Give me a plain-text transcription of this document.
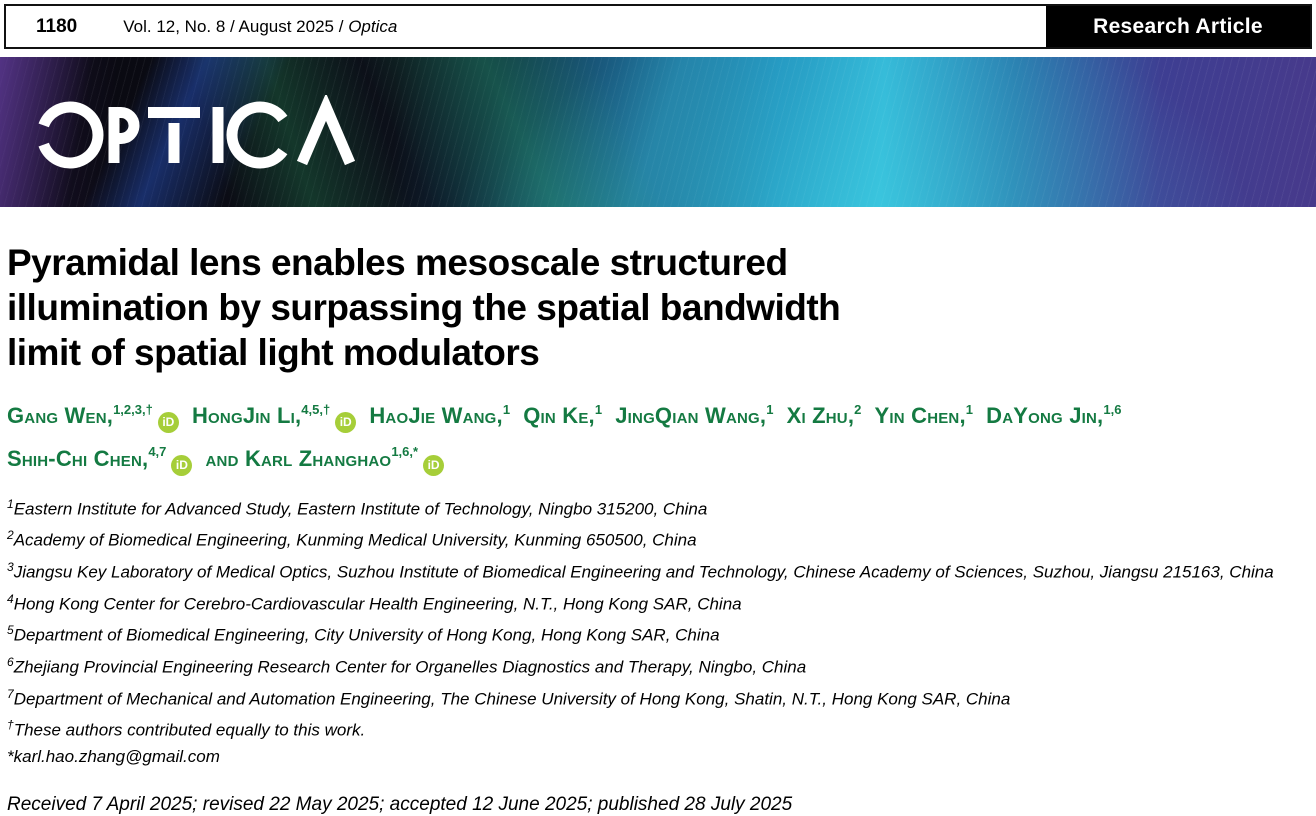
1180	Vol. 12, No. 8 / August 2025 / Optica	Research Article
Pyramidal lens enables mesoscale structured
illumination by surpassing the spatial bandwidth
limit of spatial light modulators
Gang Wen,$^{1,2,3,\dagger}$iD HongJin Li,$^{4,5,\dagger}$iD HaoJie Wang,$^1$ Qin Ke,$^1$ JingQian Wang,$^1$ Xi Zhu,$^2$ Yin Chen,$^1$ DaYong Jin,$^{1,6}$ Shih-Chi Chen,$^{4,7}$iD and Karl Zhanghao$^{1,6,*}$iD
$^1$Eastern Institute for Advanced Study, Eastern Institute of Technology, Ningbo 315200, China
$^2$Academy of Biomedical Engineering, Kunming Medical University, Kunming 650500, China
$^3$Jiangsu Key Laboratory of Medical Optics, Suzhou Institute of Biomedical Engineering and Technology, Chinese Academy of Sciences, Suzhou, Jiangsu 215163, China
$^4$Hong Kong Center for Cerebro-Cardiovascular Health Engineering, N.T., Hong Kong SAR, China
$^5$Department of Biomedical Engineering, City University of Hong Kong, Hong Kong SAR, China
$^6$Zhejiang Provincial Engineering Research Center for Organelles Diagnostics and Therapy, Ningbo, China
$^7$Department of Mechanical and Automation Engineering, The Chinese University of Hong Kong, Shatin, N.T., Hong Kong SAR, China
†These authors contributed equally to this work.
*karl.hao.zhang@gmail.com
Received 7 April 2025; revised 22 May 2025; accepted 12 June 2025; published 28 July 2025
